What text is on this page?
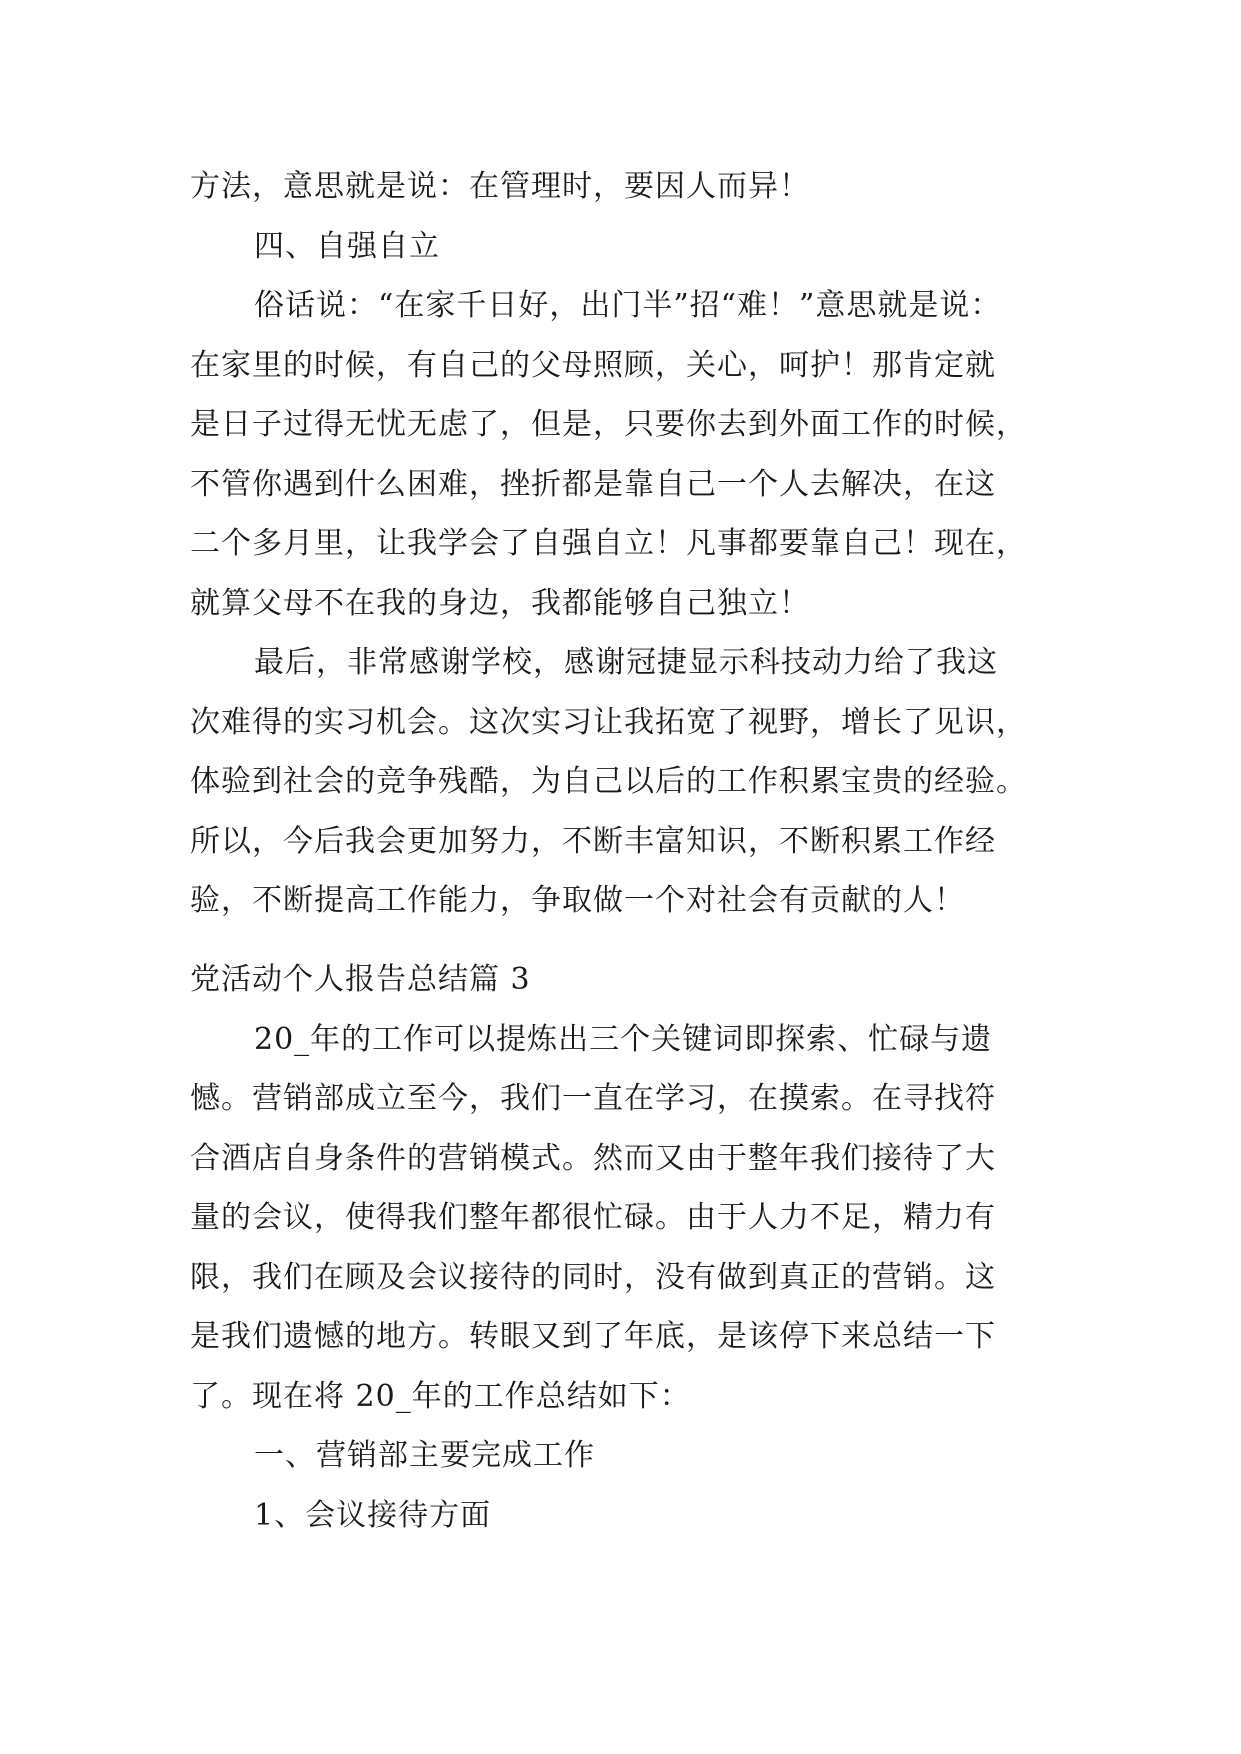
方法，意思就是说：在管理时，要因人而异！
四、自强自立
俗话说：“在家千日好，出门半”招“难！”意思就是说：
在家里的时候，有自己的父母照顾，关心，呵护！那肯定就
是日子过得无忧无虑了，但是，只要你去到外面工作的时候，
不管你遇到什么困难，挫折都是靠自己一个人去解决，在这
二个多月里，让我学会了自强自立！凡事都要靠自己！现在，
就算父母不在我的身边，我都能够自己独立！
最后，非常感谢学校，感谢冠捷显示科技动力给了我这
次难得的实习机会。这次实习让我拓宽了视野，增长了见识，
体验到社会的竞争残酷，为自己以后的工作积累宝贵的经验。
所以，今后我会更加努力，不断丰富知识，不断积累工作经
验，不断提高工作能力，争取做一个对社会有贡献的人！
党活动个人报告总结篇 3
20_年的工作可以提炼出三个关键词即探索、忙碌与遗
憾。营销部成立至今，我们一直在学习，在摸索。在寻找符
合酒店自身条件的营销模式。然而又由于整年我们接待了大
量的会议，使得我们整年都很忙碌。由于人力不足，精力有
限，我们在顾及会议接待的同时，没有做到真正的营销。这
是我们遗憾的地方。转眼又到了年底，是该停下来总结一下
了。现在将 20_年的工作总结如下：
一、营销部主要完成工作
1、会议接待方面
